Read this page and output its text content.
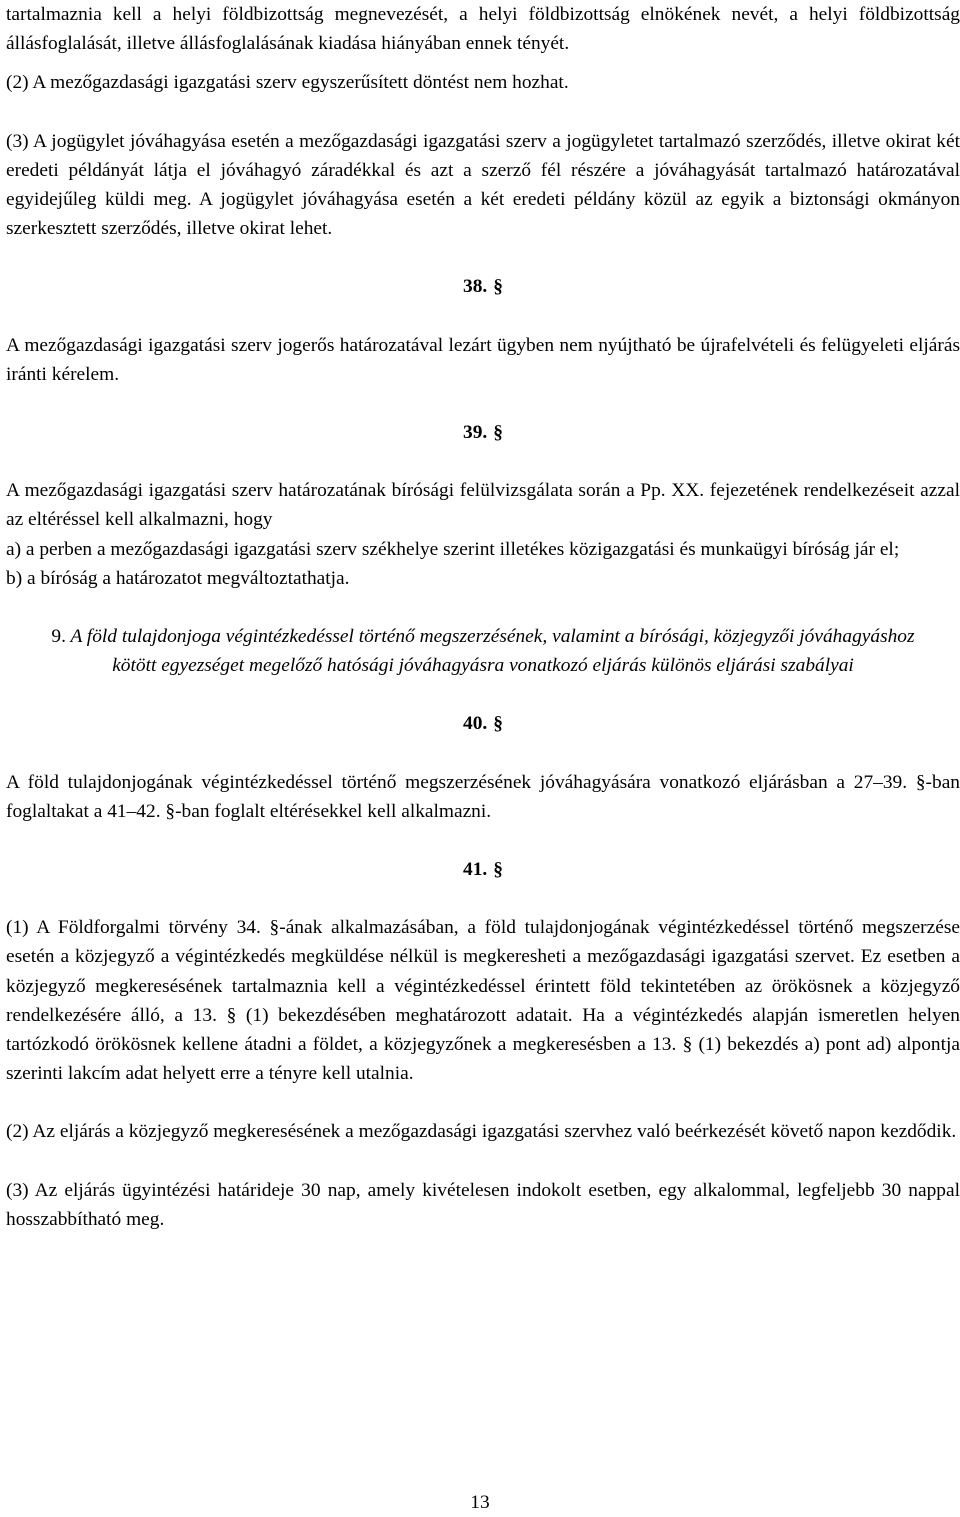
tartalmaznia kell a helyi földbizottság megnevezését, a helyi földbizottság elnökének nevét, a helyi földbizottság állásfoglalását, illetve állásfoglalásának kiadása hiányában ennek tényét.

(2) A mezőgazdasági igazgatási szerv egyszerűsített döntést nem hozhat.

(3) A jogügylet jóváhagyása esetén a mezőgazdasági igazgatási szerv a jogügyletet tartalmazó szerződés, illetve okirat két eredeti példányát látja el jóváhagyó záradékkal és azt a szerző fél részére a jóváhagyását tartalmazó határozatával egyidejűleg küldi meg. A jogügylet jóváhagyása esetén a két eredeti példány közül az egyik a biztonsági okmányon szerkesztett szerződés, illetve okirat lehet.

38. §

A mezőgazdasági igazgatási szerv jogerős határozatával lezárt ügyben nem nyújtható be újrafelvételi és felügyeleti eljárás iránti kérelem.

39. §

A mezőgazdasági igazgatási szerv határozatának bírósági felülvizsgálata során a Pp. XX. fejezetének rendelkezéseit azzal az eltéréssel kell alkalmazni, hogy

a) a perben a mezőgazdasági igazgatási szerv székhelye szerint illetékes közigazgatási és munkaügyi bíróság jár el;

b) a bíróság a határozatot megváltoztathatja.

9. A föld tulajdonjoga végintézkedéssel történő megszerzésének, valamint a bírósági, közjegyzői jóváhagyáshoz kötött egyezséget megelőző hatósági jóváhagyásra vonatkozó eljárás különös eljárási szabályai
40. §

A föld tulajdonjogának végintézkedéssel történő megszerzésének jóváhagyására vonatkozó eljárásban a 27–39. §-ban foglaltakat a 41–42. §-ban foglalt eltérésekkel kell alkalmazni.

41. §

(1) A Földforgalmi törvény 34. §-ának alkalmazásában, a föld tulajdonjogának végintézkedéssel történő megszerzése esetén a közjegyző a végintézkedés megküldése nélkül is megkeresheti a mezőgazdasági igazgatási szervet. Ez esetben a közjegyző megkeresésének tartalmaznia kell a végintézkedéssel érintett föld tekintetében az örökösnek a közjegyző rendelkezésére álló, a 13. § (1) bekezdésében meghatározott adatait. Ha a végintézkedés alapján ismeretlen helyen tartózkodó örökösnek kellene átadni a földet, a közjegyzőnek a megkeresésben a 13. § (1) bekezdés a) pont ad) alpontja szerinti lakcím adat helyett erre a tényre kell utalnia.

(2) Az eljárás a közjegyző megkeresésének a mezőgazdasági igazgatási szervhez való beérkezését követő napon kezdődik.

(3) Az eljárás ügyintézési határideje 30 nap, amely kivételesen indokolt esetben, egy alkalommal, legfeljebb 30 nappal hosszabbítható meg.

13
